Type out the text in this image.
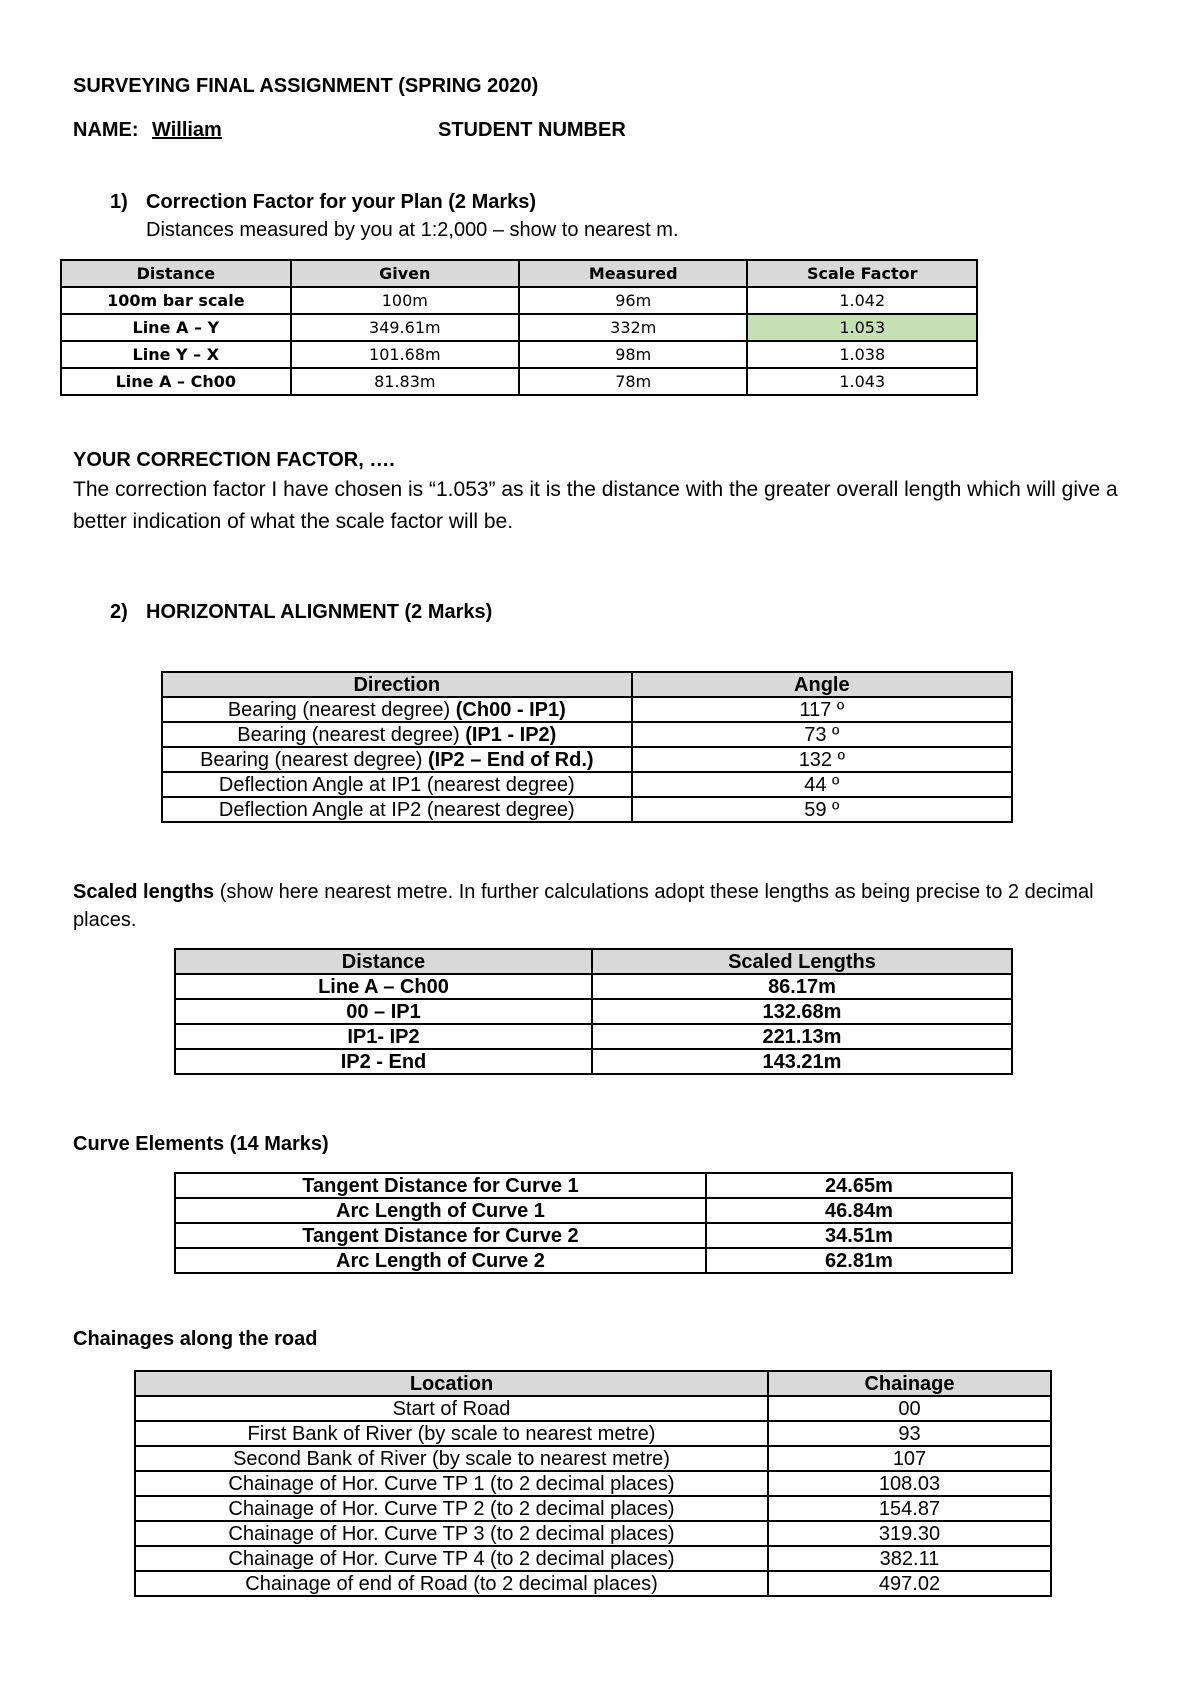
SURVEYING FINAL ASSIGNMENT (SPRING 2020)
NAME: William	STUDENT NUMBER
1) Correction Factor for your Plan (2 Marks)
Distances measured by you at 1:2,000 – show to nearest m.
Distance	Given	Measured	Scale Factor
100m bar scale	100m	96m	1.042
Line A – Y	349.61m	332m	1.053
Line Y – X	101.68m	98m	1.038
Line A – Ch00	81.83m	78m	1.043
YOUR CORRECTION FACTOR, ….
The correction factor I have chosen is “1.053” as it is the distance with the greater overall length which will give a better indication of what the scale factor will be.
2) HORIZONTAL ALIGNMENT (2 Marks)
Direction	Angle
Bearing (nearest degree) (Ch00 - IP1)	117 º
Bearing (nearest degree) (IP1 - IP2)	73 º
Bearing (nearest degree) (IP2 – End of Rd.)	132 º
Deflection Angle at IP1 (nearest degree)	44 º
Deflection Angle at IP2 (nearest degree)	59 º
Scaled lengths (show here nearest metre. In further calculations adopt these lengths as being precise to 2 decimal places.
Distance	Scaled Lengths
Line A – Ch00	86.17m
00 – IP1	132.68m
IP1- IP2	221.13m
IP2 - End	143.21m
Curve Elements (14 Marks)
Tangent Distance for Curve 1	24.65m
Arc Length of Curve 1	46.84m
Tangent Distance for Curve 2	34.51m
Arc Length of Curve 2	62.81m
Chainages along the road
Location	Chainage
Start of Road	00
First Bank of River (by scale to nearest metre)	93
Second Bank of River (by scale to nearest metre)	107
Chainage of Hor. Curve TP 1 (to 2 decimal places)	108.03
Chainage of Hor. Curve TP 2 (to 2 decimal places)	154.87
Chainage of Hor. Curve TP 3 (to 2 decimal places)	319.30
Chainage of Hor. Curve TP 4 (to 2 decimal places)	382.11
Chainage of end of Road (to 2 decimal places)	497.02
